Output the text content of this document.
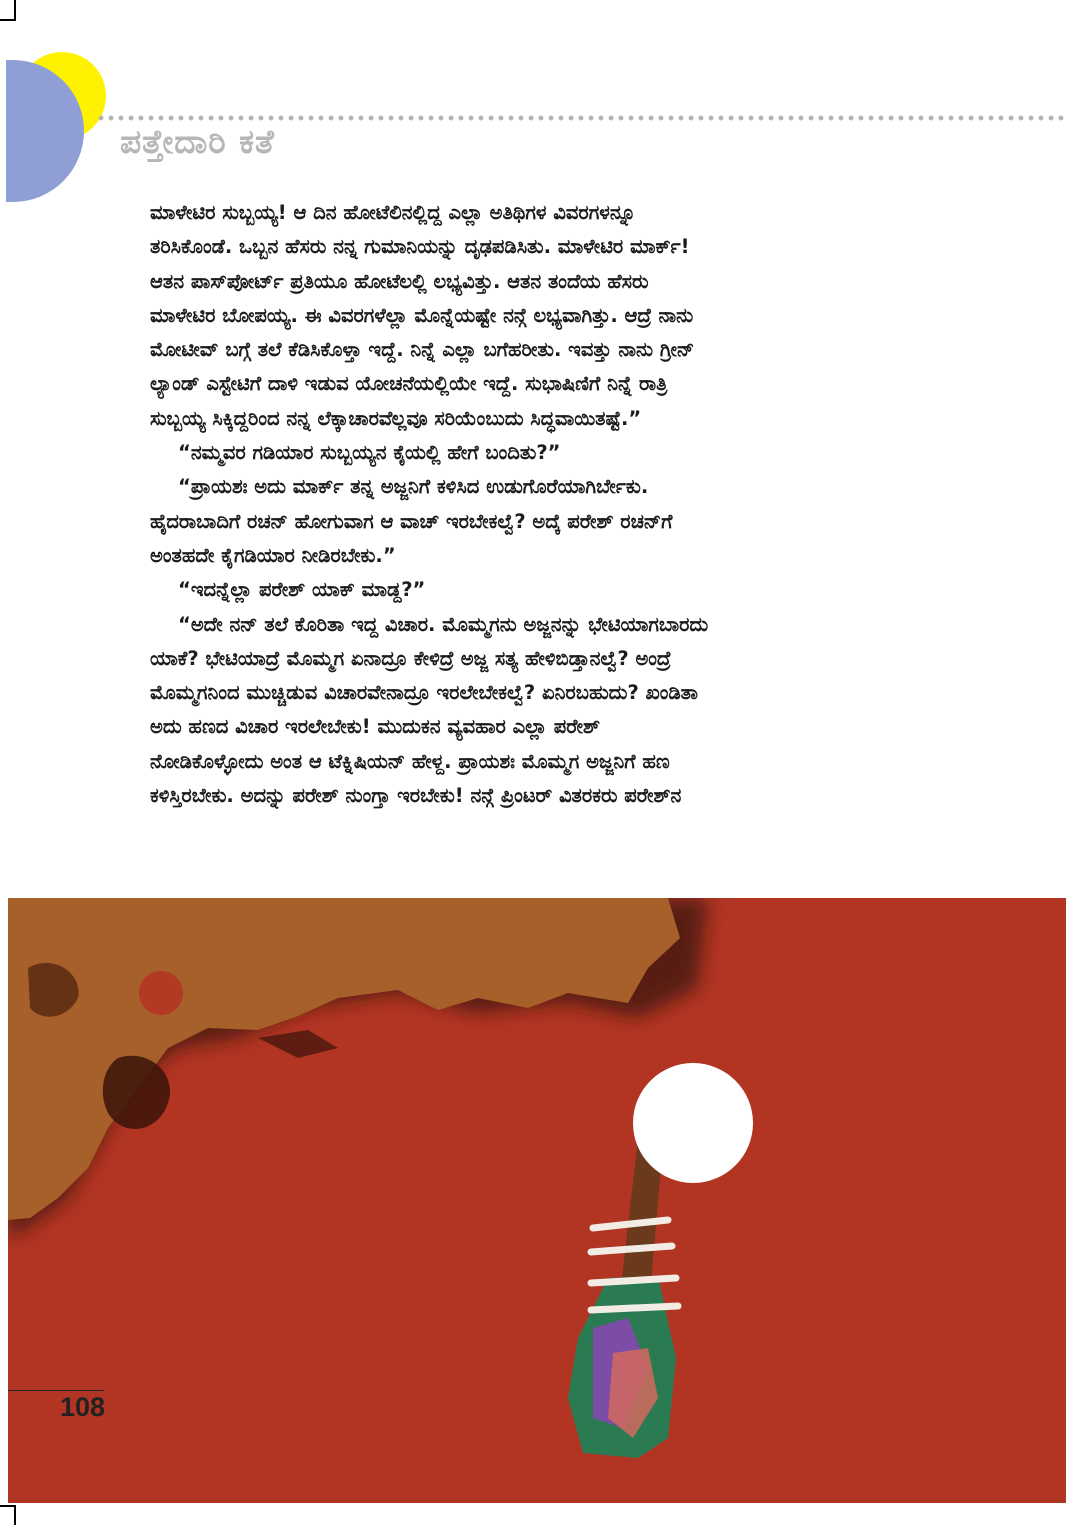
ಪತ್ತೇದಾರಿ ಕತೆ
ಮಾಳೇಟಿರ ಸುಬ್ಬಯ್ಯ! ಆ ದಿನ ಹೋಟೆಲಿನಲ್ಲಿದ್ದ ಎಲ್ಲಾ ಅತಿಥಿಗಳ ವಿವರಗಳನ್ನೂ
ತರಿಸಿಕೊಂಡೆ. ಒಬ್ಬನ ಹೆಸರು ನನ್ನ ಗುಮಾನಿಯನ್ನು ದೃಢಪಡಿಸಿತು. ಮಾಳೇಟಿರ ಮಾರ್ಕ್!
ಆತನ ಪಾಸ್‌ಪೋರ್ಟ್ ಪ್ರತಿಯೂ ಹೋಟೆಲಲ್ಲಿ ಲಭ್ಯವಿತ್ತು. ಆತನ ತಂದೆಯ ಹೆಸರು
ಮಾಳೇಟಿರ ಬೋಪಯ್ಯ. ಈ ವಿವರಗಳೆಲ್ಲಾ ಮೊನ್ನೆಯಷ್ಟೇ ನನ್ಗೆ ಲಭ್ಯವಾಗಿತ್ತು. ಆದ್ರೆ ನಾನು
ಮೋಟೀವ್ ಬಗ್ಗೆ ತಲೆ ಕೆಡಿಸಿಕೊಳ್ತಾ ಇದ್ದೆ. ನಿನ್ನೆ ಎಲ್ಲಾ ಬಗೆಹರೀತು. ಇವತ್ತು ನಾನು ಗ್ರೀನ್
ಲ್ಯಾಂಡ್ ಎಸ್ಟೇಟಿಗೆ ದಾಳಿ ಇಡುವ ಯೋಚನೆಯಲ್ಲಿಯೇ ಇದ್ದೆ. ಸುಭಾಷಿಣಿಗೆ ನಿನ್ನೆ ರಾತ್ರಿ
ಸುಬ್ಬಯ್ಯ ಸಿಕ್ಕಿದ್ದರಿಂದ ನನ್ನ ಲೆಕ್ಕಾಚಾರವೆಲ್ಲವೂ ಸರಿಯೆಂಬುದು ಸಿದ್ಧವಾಯಿತಷ್ಟೆ.”
“ನಮ್ಮವರ ಗಡಿಯಾರ ಸುಬ್ಬಯ್ಯನ ಕೈಯಲ್ಲಿ ಹೇಗೆ ಬಂದಿತು?”
“ಪ್ರಾಯಶಃ ಅದು ಮಾರ್ಕ್ ತನ್ನ ಅಜ್ಜನಿಗೆ ಕಳಿಸಿದ ಉಡುಗೊರೆಯಾಗಿರ್ಬೇಕು.
ಹೈದರಾಬಾದಿಗೆ ರಚನ್ ಹೋಗುವಾಗ ಆ ವಾಚ್ ಇರಬೇಕಲ್ವೆ? ಅದ್ಕೆ ಪರೇಶ್ ರಚನ್‌ಗೆ
ಅಂತಹದೇ ಕೈಗಡಿಯಾರ ನೀಡಿರಬೇಕು.”
“ಇದನ್ನೆಲ್ಲಾ ಪರೇಶ್ ಯಾಕ್ ಮಾಡ್ದ?”
“ಅದೇ ನನ್ ತಲೆ ಕೊರಿತಾ ಇದ್ದ ವಿಚಾರ. ಮೊಮ್ಮಗನು ಅಜ್ಜನನ್ನು ಭೇಟಿಯಾಗಬಾರದು
ಯಾಕೆ? ಭೇಟಿಯಾದ್ರೆ ಮೊಮ್ಮಗ ಏನಾದ್ರೂ ಕೇಳಿದ್ರೆ ಅಜ್ಜ ಸತ್ಯ ಹೇಳಿಬಿಡ್ತಾನಲ್ವೆ? ಅಂದ್ರೆ
ಮೊಮ್ಮಗನಿಂದ ಮುಚ್ಚಿಡುವ ವಿಚಾರವೇನಾದ್ರೂ ಇರಲೇಬೇಕಲ್ವೆ? ಏನಿರಬಹುದು? ಖಂಡಿತಾ
ಅದು ಹಣದ ವಿಚಾರ ಇರಲೇಬೇಕು! ಮುದುಕನ ವ್ಯವಹಾರ ಎಲ್ಲಾ ಪರೇಶ್
ನೋಡಿಕೊಳ್ಳೋದು ಅಂತ ಆ ಟೆಕ್ನಿಷಿಯನ್ ಹೇಳ್ದ. ಪ್ರಾಯಶಃ ಮೊಮ್ಮಗ ಅಜ್ಜನಿಗೆ ಹಣ
ಕಳಿಸ್ತಿರಬೇಕು. ಅದನ್ನು ಪರೇಶ್ ನುಂಗ್ತಾ ಇರಬೇಕು! ನನ್ಗೆ ಪ್ರಿಂಟರ್ ವಿತರಕರು ಪರೇಶ್‌ನ
108
